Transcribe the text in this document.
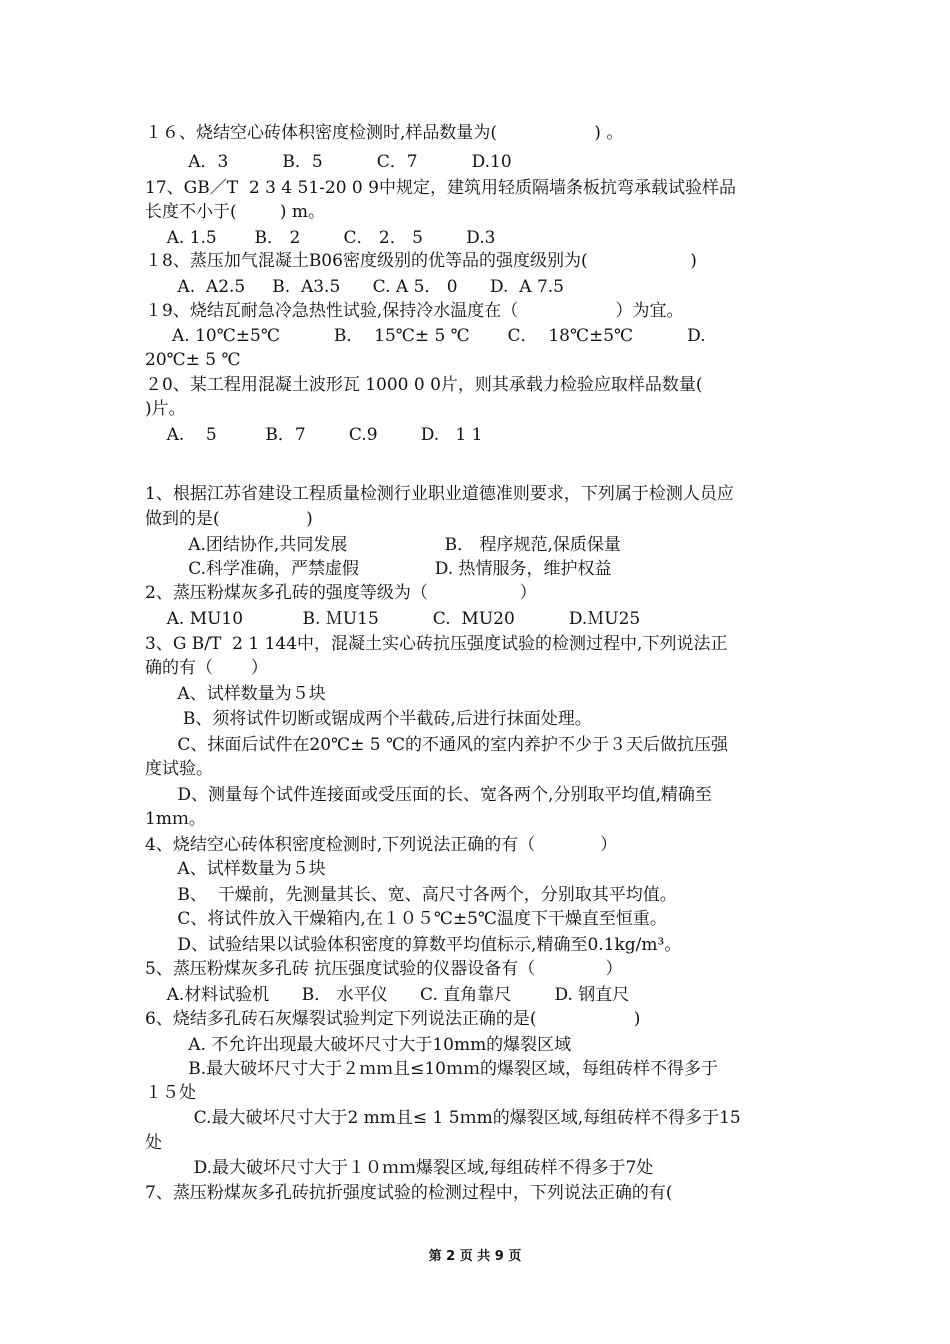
１６、烧结空心砖体积密度检测时,样品数量为(                  ) 。
A．3          B．5          C．7          D.10
17、GB／T  2 3 4 51-20 0 9中规定，建筑用轻质隔墙条板抗弯承载试验样品
长度不小于(        ) m。
A. 1.5       B． 2        C． 2． 5        D.3
１8、蒸压加气混凝土B06密度级别的优等品的强度级别为(                   )
A.  A2.5     B.  A3.5      C. A 5． 0      D.  A 7.5
１9、烧结瓦耐急冷急热性试验,保持冷水温度在（                  ）为宜。
A. 10℃±5℃          B．  15℃± 5 ℃       C．  18℃±5℃          D.
20℃± 5 ℃
２0、某工程用混凝土波形瓦 1000 0 0片，则其承载力检验应取样品数量(
)片。
A.    5         B．7        C.9        D.   1 1
1、根据江苏省建设工程质量检测行业职业道德准则要求，下列属于检测人员应
做到的是(                )
A.团结协作,共同发展                  B． 程序规范,保质保量
C.科学准确，严禁虚假              D. 热情服务，维护权益
2、蒸压粉煤灰多孔砖的强度等级为（                 ）
A. MU10           B. ＭU15          C.  MU20          D.ＭU25
3、G B/T  2 1 144中，混凝土实心砖抗压强度试验的检测过程中,下列说法正
确的有（       ）
A、试样数量为５块
B、须将试件切断或锯成两个半截砖,后进行抹面处理。
C、抹面后试件在20℃± 5 ℃的不通风的室内养护不少于３天后做抗压强
度试验。
D、测量每个试件连接面或受压面的长、宽各两个,分别取平均值,精确至
1mｍ。
4、烧结空心砖体积密度检测时,下列说法正确的有（            ）
A、试样数量为５块
B、  干燥前，先测量其长、宽、高尺寸各两个，分别取其平均值。
C、将试件放入干燥箱内,在１０５℃±5℃温度下干燥直至恒重。
D、试验结果以试验体积密度的算数平均值标示,精确至0.1kg/m³。
5、蒸压粉煤灰多孔砖 抗压强度试验的仪器设备有（             ）
A.材料试验机      B． 水平仪      C. 直角靠尺        D. 钢直尺
6、烧结多孔砖石灰爆裂试验判定下列说法正确的是(                  )
A. 不允许出现最大破坏尺寸大于10mm的爆裂区域
B.最大破坏尺寸大于２ｍｍ且≤10ｍｍ的爆裂区域，每组砖样不得多于
１５处
C.最大破坏尺寸大于2 mm且≤ 1 5ｍm的爆裂区域,每组砖样不得多于15
处
D.最大破坏尺寸大于１０ｍｍ爆裂区域,每组砖样不得多于7处
7、蒸压粉煤灰多孔砖抗折强度试验的检测过程中，下列说法正确的有(
第 2 页 共 9 页
